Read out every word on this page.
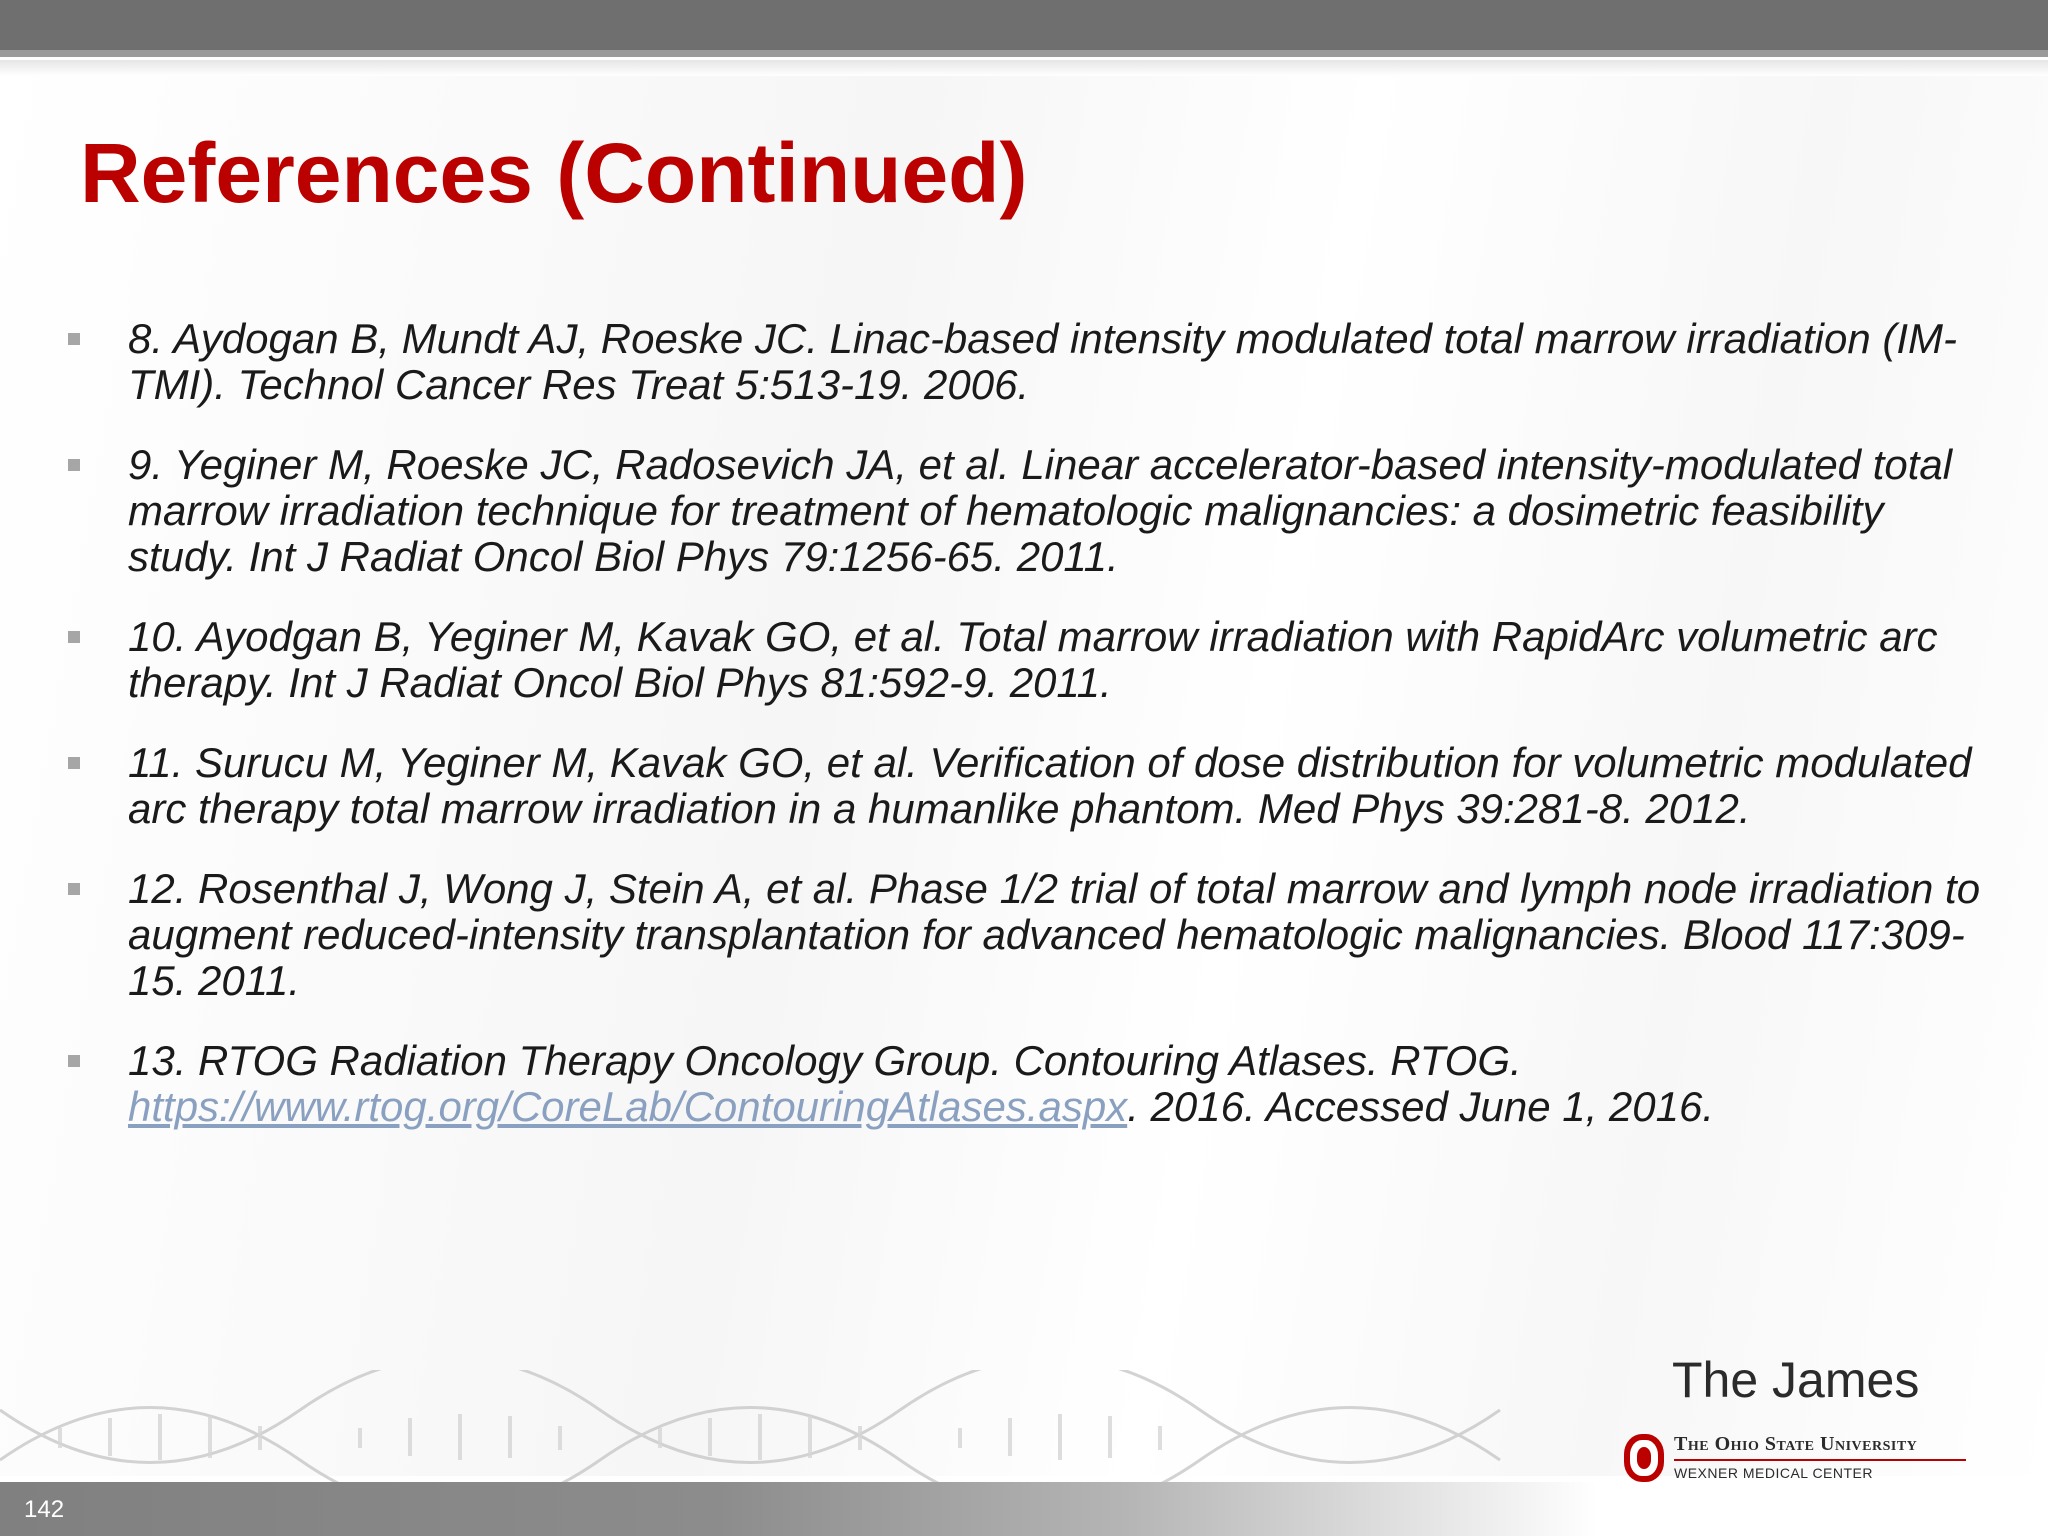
References (Continued)
8. Aydogan B, Mundt AJ, Roeske JC. Linac-based intensity modulated total marrow irradiation (IM-TMI). Technol Cancer Res Treat 5:513-19. 2006.
9. Yeginer M, Roeske JC, Radosevich JA, et al. Linear accelerator-based intensity-modulated total marrow irradiation technique for treatment of hematologic malignancies: a dosimetric feasibility study. Int J Radiat Oncol Biol Phys 79:1256-65. 2011.
10. Ayodgan B, Yeginer M, Kavak GO, et al. Total marrow irradiation with RapidArc volumetric arc therapy. Int J Radiat Oncol Biol Phys 81:592-9. 2011.
11. Surucu M, Yeginer M, Kavak GO, et al. Verification of dose distribution for volumetric modulated arc therapy total marrow irradiation in a humanlike phantom. Med Phys 39:281-8. 2012.
12. Rosenthal J, Wong J, Stein A, et al. Phase 1/2 trial of total marrow and lymph node irradiation to augment reduced-intensity transplantation for advanced hematologic malignancies. Blood 117:309-15. 2011.
13. RTOG Radiation Therapy Oncology Group. Contouring Atlases. RTOG. https://www.rtog.org/CoreLab/ContouringAtlases.aspx. 2016. Accessed June 1, 2016.
142
The James
The Ohio State University
WEXNER MEDICAL CENTER
